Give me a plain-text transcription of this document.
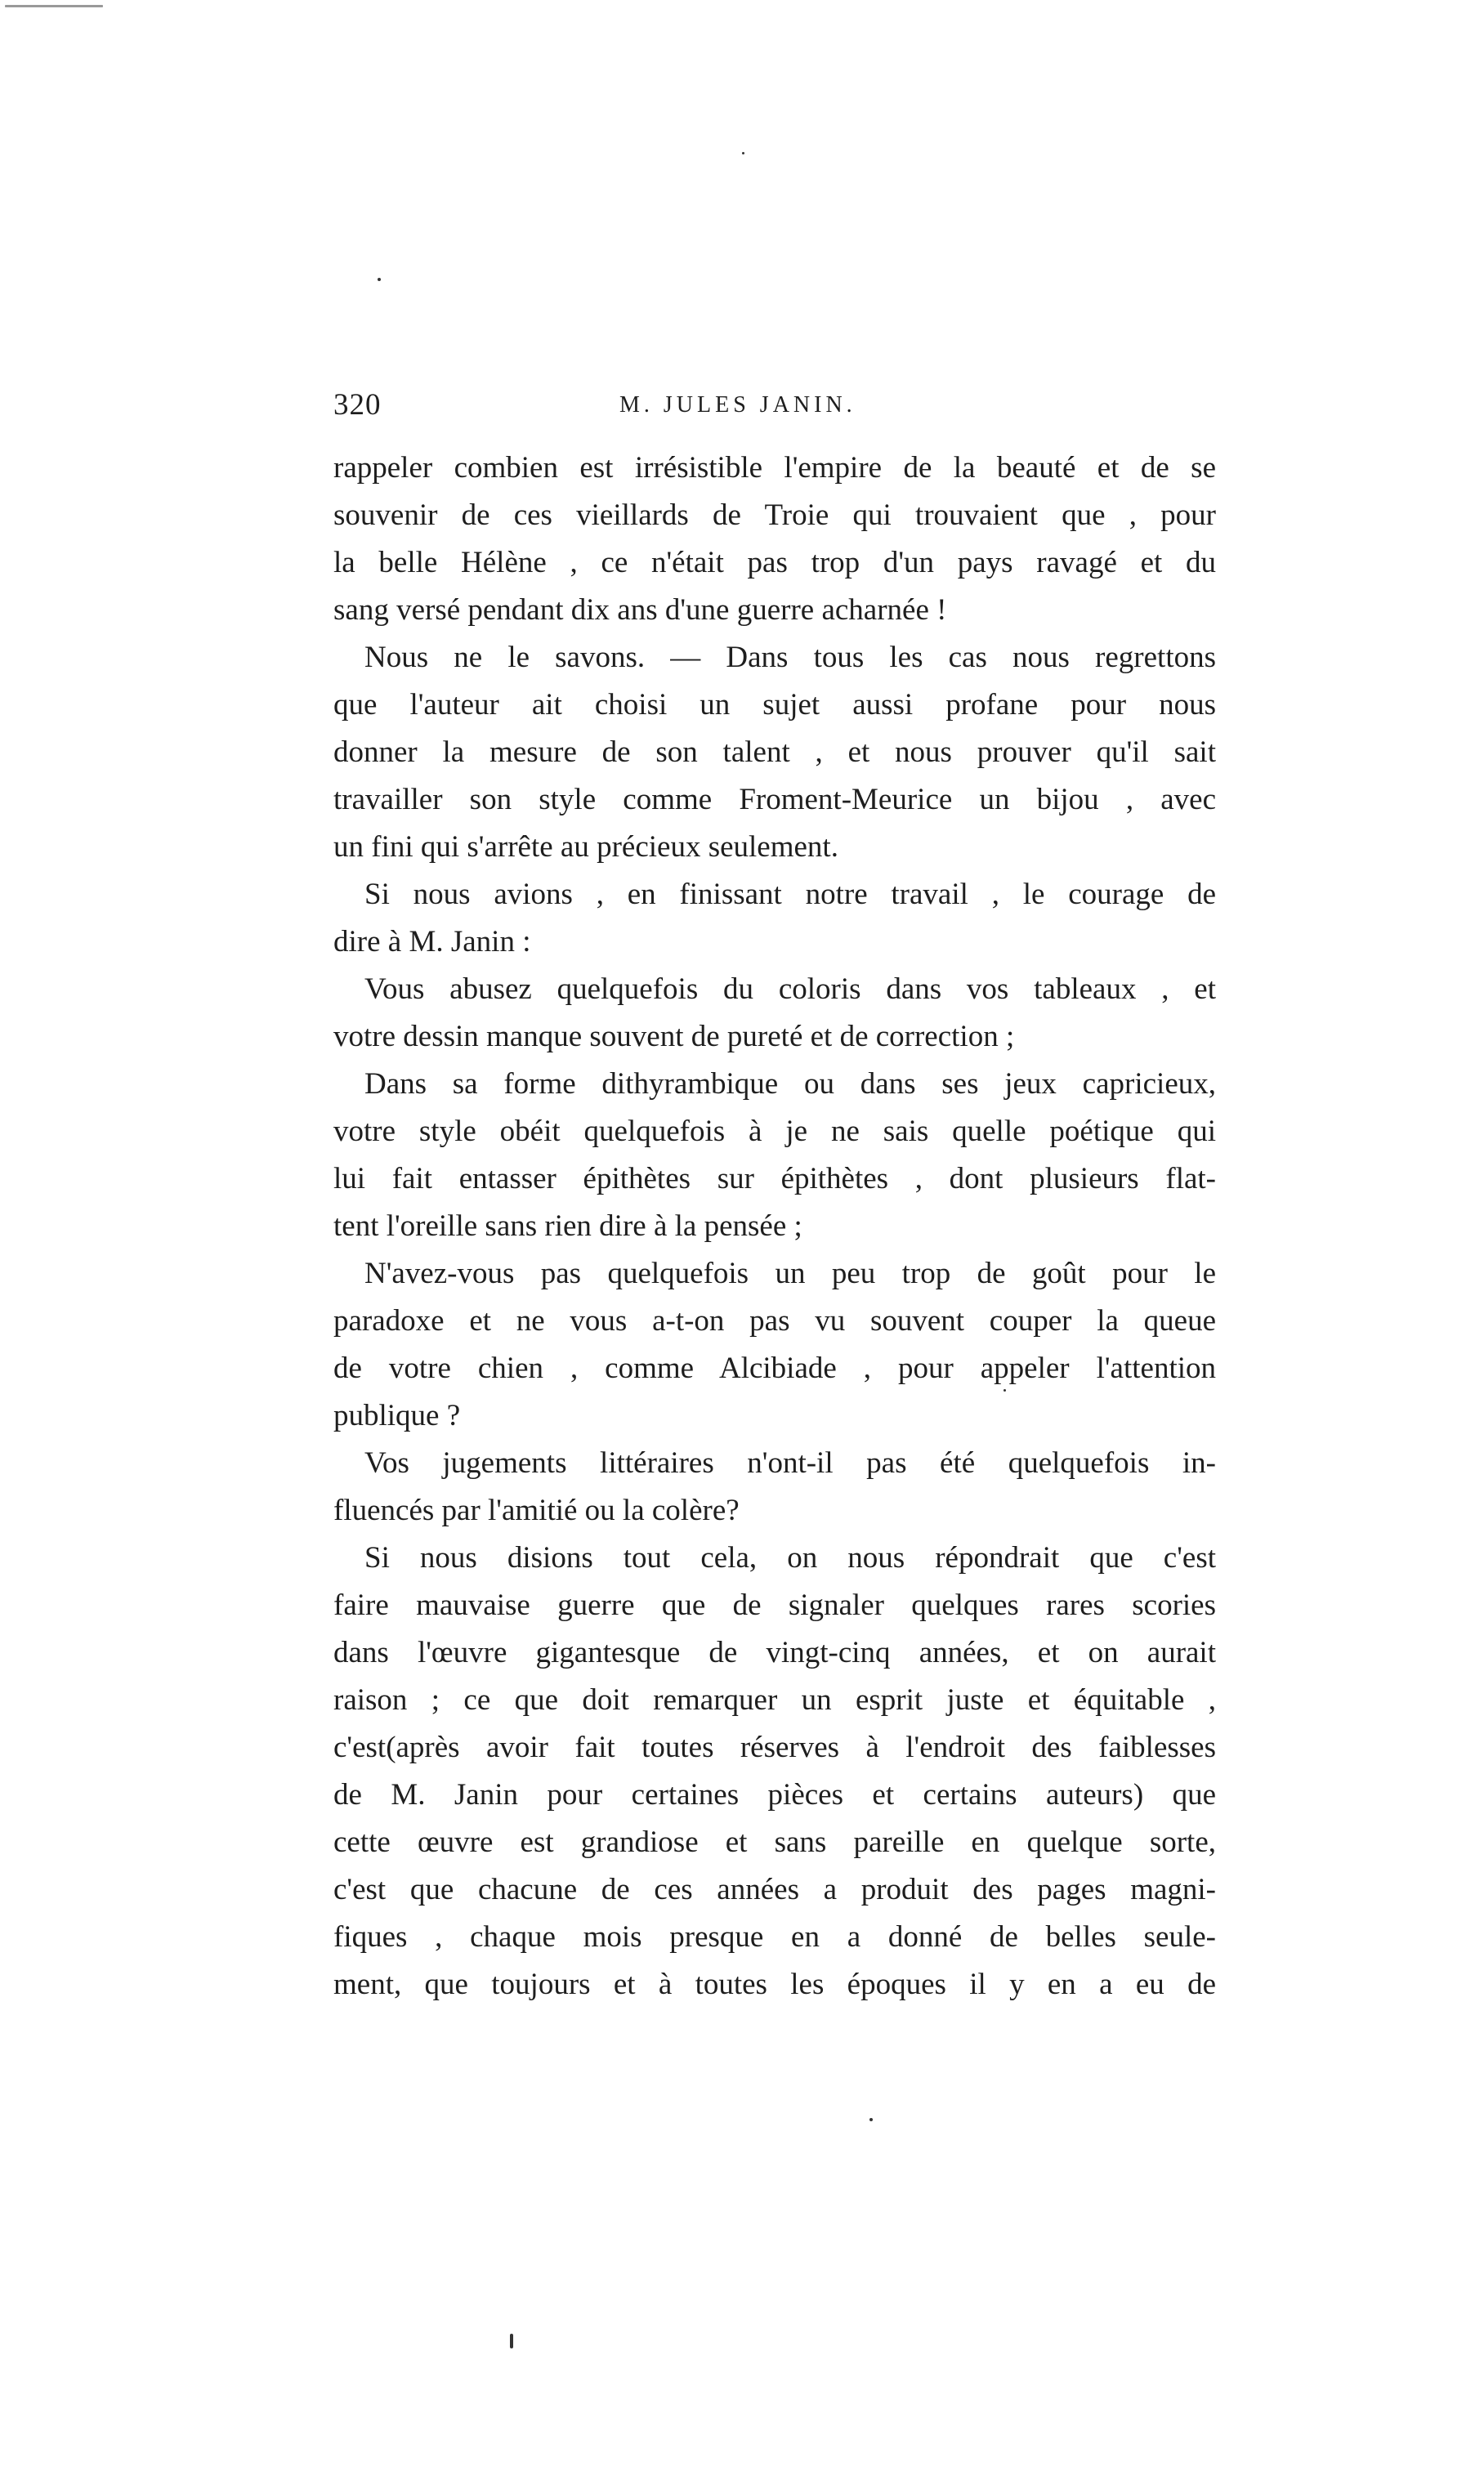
320	M. JULES JANIN.
rappeler combien est irrésistible l'empire de la beauté et de se
souvenir de ces vieillards de Troie qui trouvaient que , pour
la belle Hélène , ce n'était pas trop d'un pays ravagé et du
sang versé pendant dix ans d'une guerre acharnée !
Nous ne le savons. — Dans tous les cas nous regrettons
que l'auteur ait choisi un sujet aussi profane pour nous
donner la mesure de son talent , et nous prouver qu'il sait
travailler son style comme Froment-Meurice un bijou , avec
un fini qui s'arrête au précieux seulement.
Si nous avions , en finissant notre travail , le courage de
dire à M. Janin :
Vous abusez quelquefois du coloris dans vos tableaux , et
votre dessin manque souvent de pureté et de correction ;
Dans sa forme dithyrambique ou dans ses jeux capricieux,
votre style obéit quelquefois à je ne sais quelle poétique qui
lui fait entasser épithètes sur épithètes , dont plusieurs flat-
tent l'oreille sans rien dire à la pensée ;
N'avez-vous pas quelquefois un peu trop de goût pour le
paradoxe et ne vous a-t-on pas vu souvent couper la queue
de votre chien , comme Alcibiade , pour appeler l'attention
publique ?
Vos jugements littéraires n'ont-il pas été quelquefois in-
fluencés par l'amitié ou la colère?
Si nous disions tout cela, on nous répondrait que c'est
faire mauvaise guerre que de signaler quelques rares scories
dans l'œuvre gigantesque de vingt-cinq années, et on aurait
raison ; ce que doit remarquer un esprit juste et équitable ,
c'est(après avoir fait toutes réserves à l'endroit des faiblesses
de M. Janin pour certaines pièces et certains auteurs) que
cette œuvre est grandiose et sans pareille en quelque sorte,
c'est que chacune de ces années a produit des pages magni-
fiques , chaque mois presque en a donné de belles seule-
ment, que toujours et à toutes les époques il y en a eu de
